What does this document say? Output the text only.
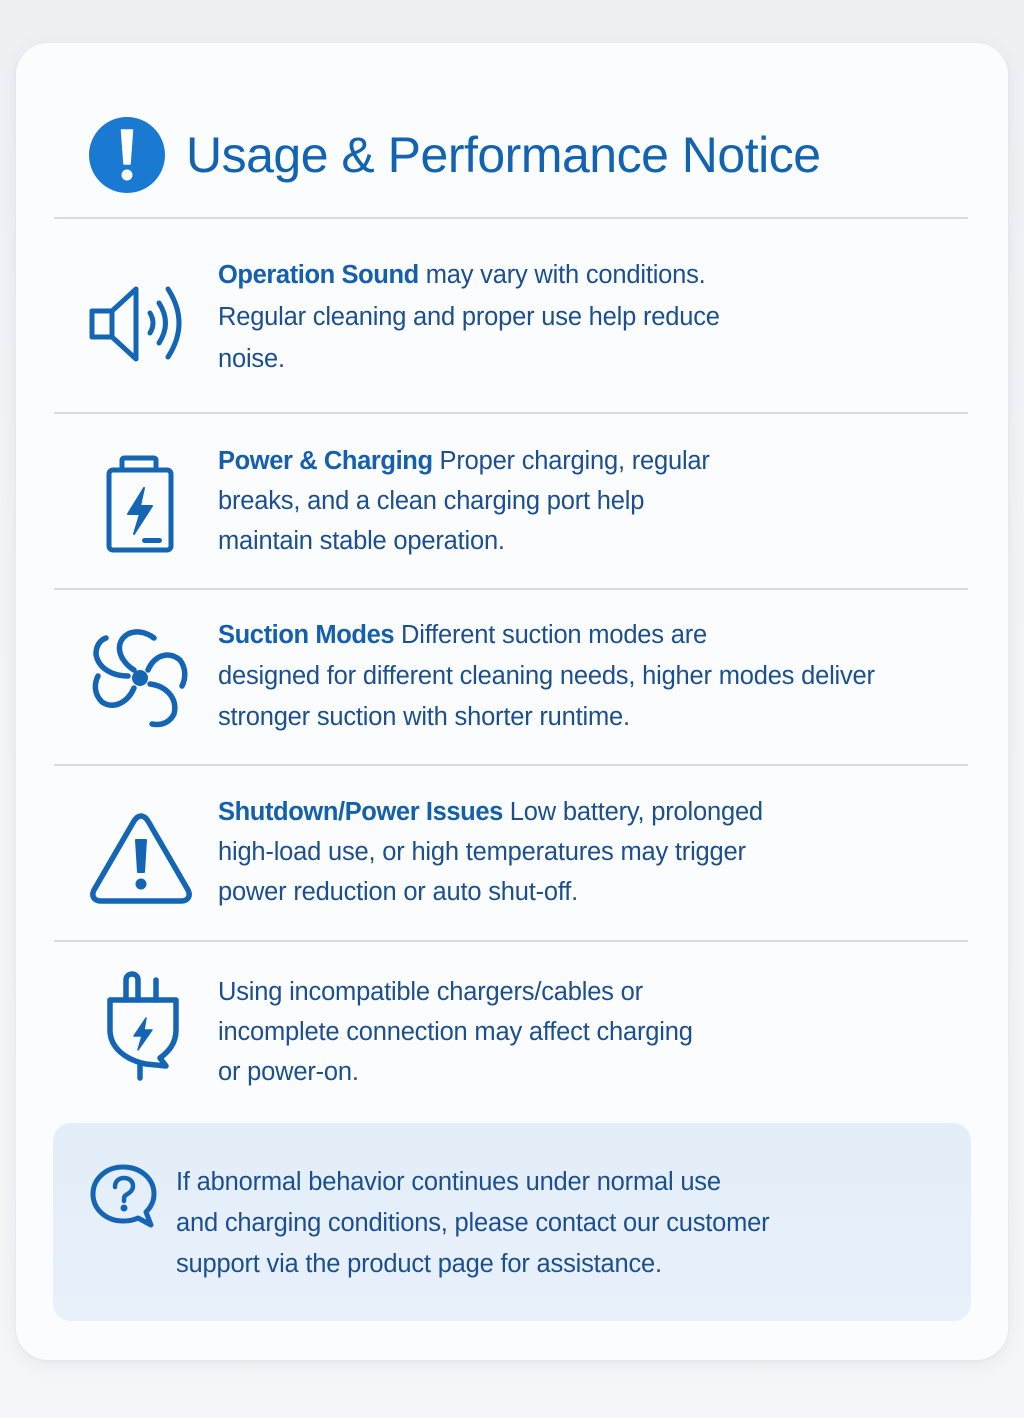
Usage & Performance Notice
Operation Sound may vary with conditions.
Regular cleaning and proper use help reduce
noise.
Power & Charging Proper charging, regular
breaks, and a clean charging port help
maintain stable operation.
Suction Modes Different suction modes are
designed for different cleaning needs, higher modes deliver
stronger suction with shorter runtime.
Shutdown/Power Issues Low battery, prolonged
high-load use, or high temperatures may trigger
power reduction or auto shut-off.
Using incompatible chargers/cables or
incomplete connection may affect charging
or power-on.
If abnormal behavior continues under normal use
and charging conditions, please contact our customer
support via the product page for assistance.
